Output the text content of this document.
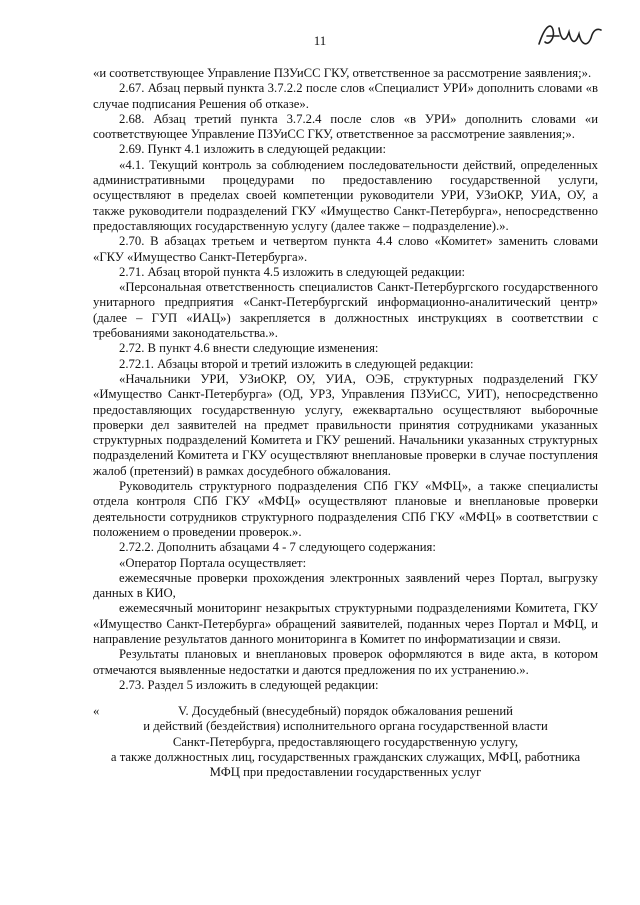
11

«и соответствующее Управление ПЗУиСС ГКУ, ответственное за рассмотрение заявления;».

2.67. Абзац первый пункта 3.7.2.2 после слов «Специалист УРИ» дополнить словами «в случае подписания Решения об отказе».

2.68. Абзац третий пункта 3.7.2.4 после слов «в УРИ» дополнить словами «и соответствующее Управление ПЗУиСС ГКУ, ответственное за рассмотрение заявления;».

2.69. Пункт 4.1 изложить в следующей редакции:

«4.1. Текущий контроль за соблюдением последовательности действий, определенных административными процедурами по предоставлению государственной услуги, осуществляют в пределах своей компетенции руководители УРИ, УЗиОКР, УИА, ОУ, а также руководители подразделений ГКУ «Имущество Санкт-Петербурга», непосредственно предоставляющих государственную услугу (далее также – подразделение).».

2.70. В абзацах третьем и четвертом пункта 4.4 слово «Комитет» заменить словами «ГКУ «Имущество Санкт-Петербурга».

2.71. Абзац второй пункта 4.5 изложить в следующей редакции:

«Персональная ответственность специалистов Санкт-Петербургского государственного унитарного предприятия «Санкт-Петербургский информационно-аналитический центр» (далее – ГУП «ИАЦ») закрепляется в должностных инструкциях в соответствии с требованиями законодательства.».

2.72. В пункт 4.6 внести следующие изменения:

2.72.1. Абзацы второй и третий изложить в следующей редакции:

«Начальники УРИ, УЗиОКР, ОУ, УИА, ОЭБ, структурных подразделений ГКУ «Имущество Санкт-Петербурга» (ОД, УРЗ, Управления ПЗУиСС, УИТ), непосредственно предоставляющих государственную услугу, ежеквартально осуществляют выборочные проверки дел заявителей на предмет правильности принятия сотрудниками указанных структурных подразделений Комитета и ГКУ решений. Начальники указанных структурных подразделений Комитета и ГКУ осуществляют внеплановые проверки в случае поступления жалоб (претензий) в рамках досудебного обжалования.

Руководитель структурного подразделения СПб ГКУ «МФЦ», а также специалисты отдела контроля СПб ГКУ «МФЦ» осуществляют плановые и внеплановые проверки деятельности сотрудников структурного подразделения СПб ГКУ «МФЦ» в соответствии с положением о проведении проверок.».

2.72.2. Дополнить абзацами 4 - 7 следующего содержания:

«Оператор Портала осуществляет:

ежемесячные проверки прохождения электронных заявлений через Портал, выгрузку данных в КИО,

ежемесячный мониторинг незакрытых структурными подразделениями Комитета, ГКУ «Имущество Санкт-Петербурга» обращений заявителей, поданных через Портал и МФЦ, и направление результатов данного мониторинга в Комитет по информатизации и связи.

Результаты плановых и внеплановых проверок оформляются в виде акта, в котором отмечаются выявленные недостатки и даются предложения по их устранению.».

2.73. Раздел 5 изложить в следующей редакции:

«	V. Досудебный (внесудебный) порядок обжалования решений
и действий (бездействия) исполнительного органа государственной власти
Санкт-Петербурга, предоставляющего государственную услугу,
а также должностных лиц, государственных гражданских служащих, МФЦ, работника
МФЦ при предоставлении государственных услуг
